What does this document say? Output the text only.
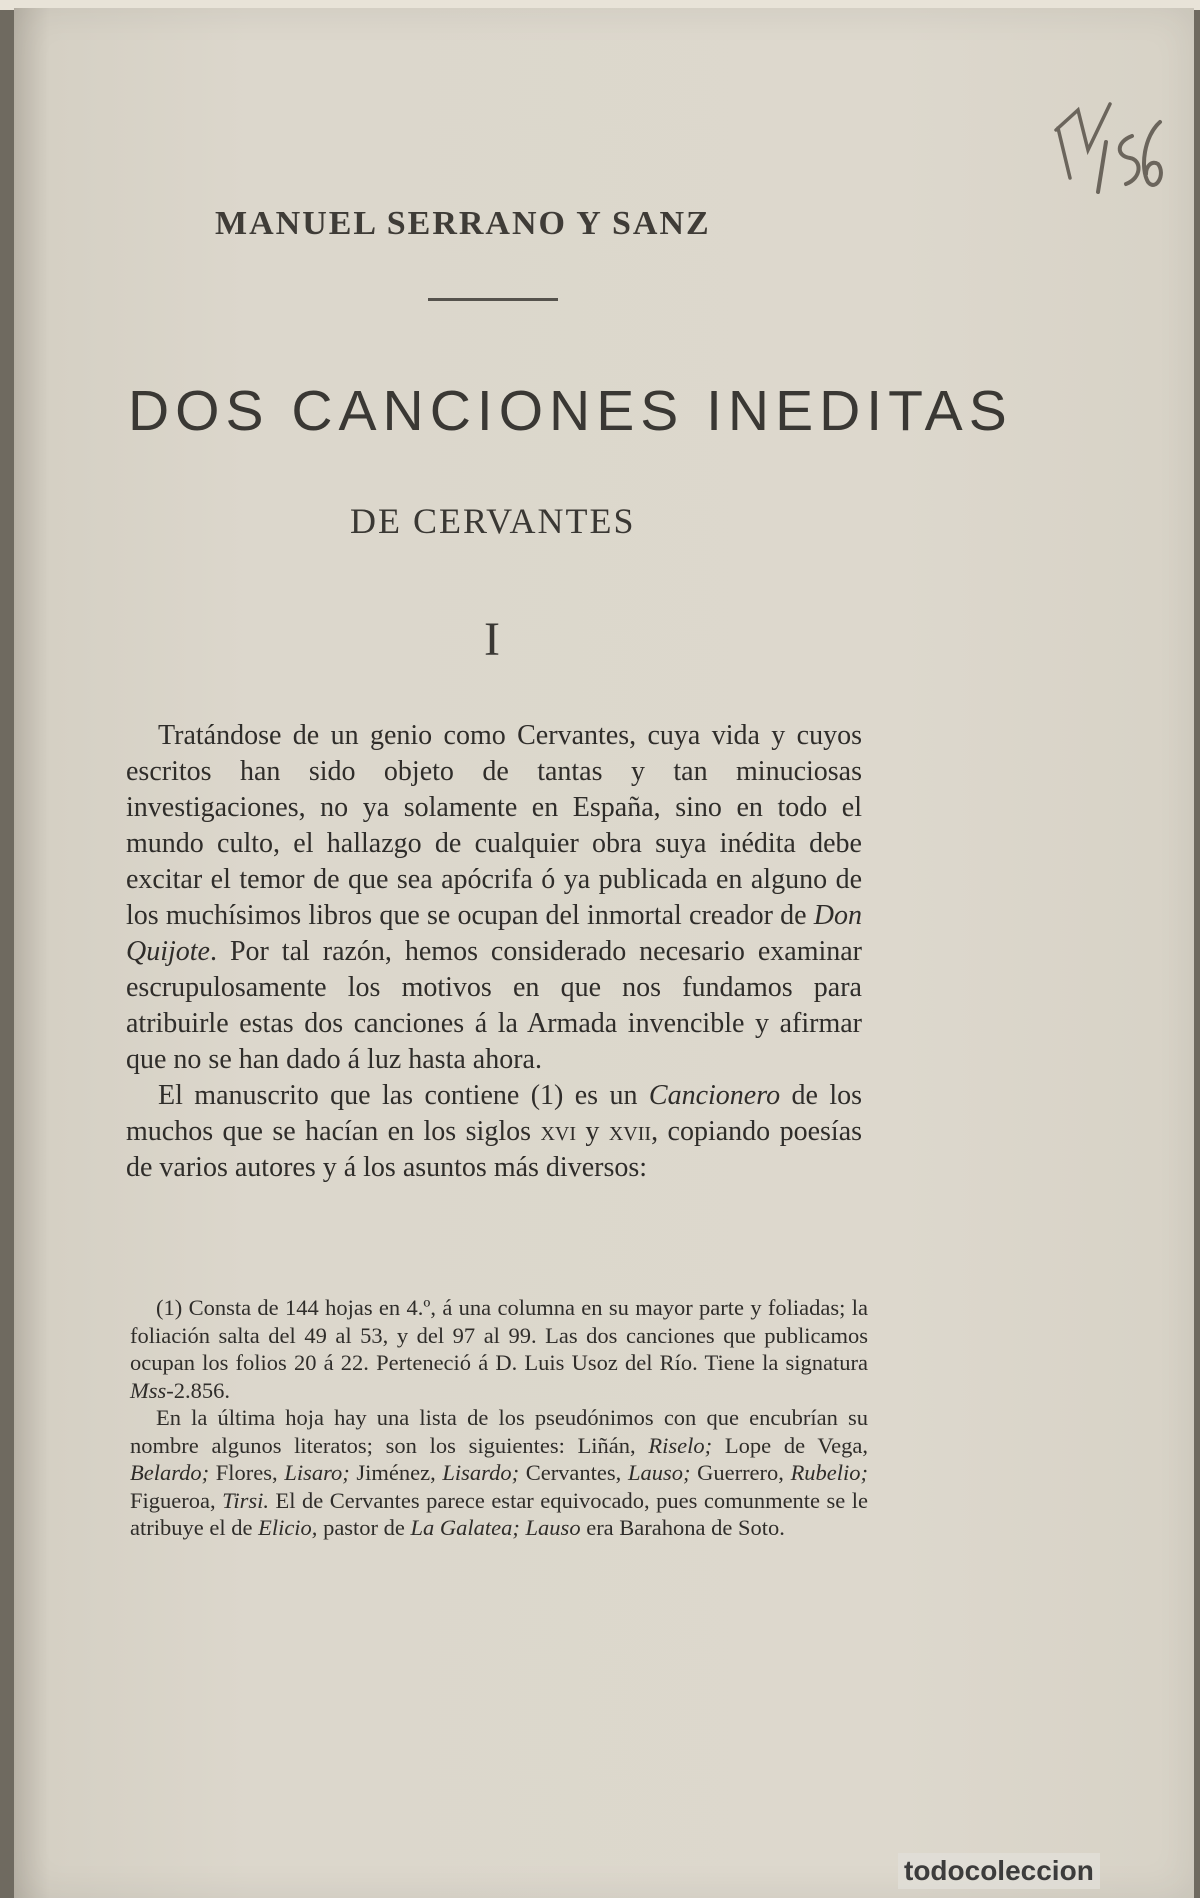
MANUEL SERRANO Y SANZ
DOS CANCIONES INEDITAS
DE CERVANTES
I

Tratándose de un genio como Cervantes, cuya vida y cuyos escritos han sido objeto de tantas y tan minuciosas investigaciones, no ya solamente en España, sino en todo el mundo culto, el hallazgo de cualquier obra suya inédita debe excitar el temor de que sea apócrifa ó ya publicada en alguno de los muchísimos libros que se ocupan del inmortal creador de Don Quijote. Por tal razón, hemos considerado necesario examinar escrupulosamente los motivos en que nos fundamos para atribuirle estas dos canciones á la Armada invencible y afirmar que no se han dado á luz hasta ahora.

El manuscrito que las contiene (1) es un Cancionero de los muchos que se hacían en los siglos xvi y xvii, copiando poesías de varios autores y á los asuntos más diversos:

(1) Consta de 144 hojas en 4.º, á una columna en su mayor parte y foliadas; la foliación salta del 49 al 53, y del 97 al 99. Las dos canciones que publicamos ocupan los folios 20 á 22. Perteneció á D. Luis Usoz del Río. Tiene la signatura Mss-2.856.

En la última hoja hay una lista de los pseudónimos con que encubrían su nombre algunos literatos; son los siguientes: Liñán, Riselo; Lope de Vega, Belardo; Flores, Lisaro; Jiménez, Lisardo; Cervantes, Lauso; Guerrero, Rubelio; Figueroa, Tirsi. El de Cervantes parece estar equivocado, pues comunmente se le atribuye el de Elicio, pastor de La Galatea; Lauso era Barahona de Soto.

todocoleccion
